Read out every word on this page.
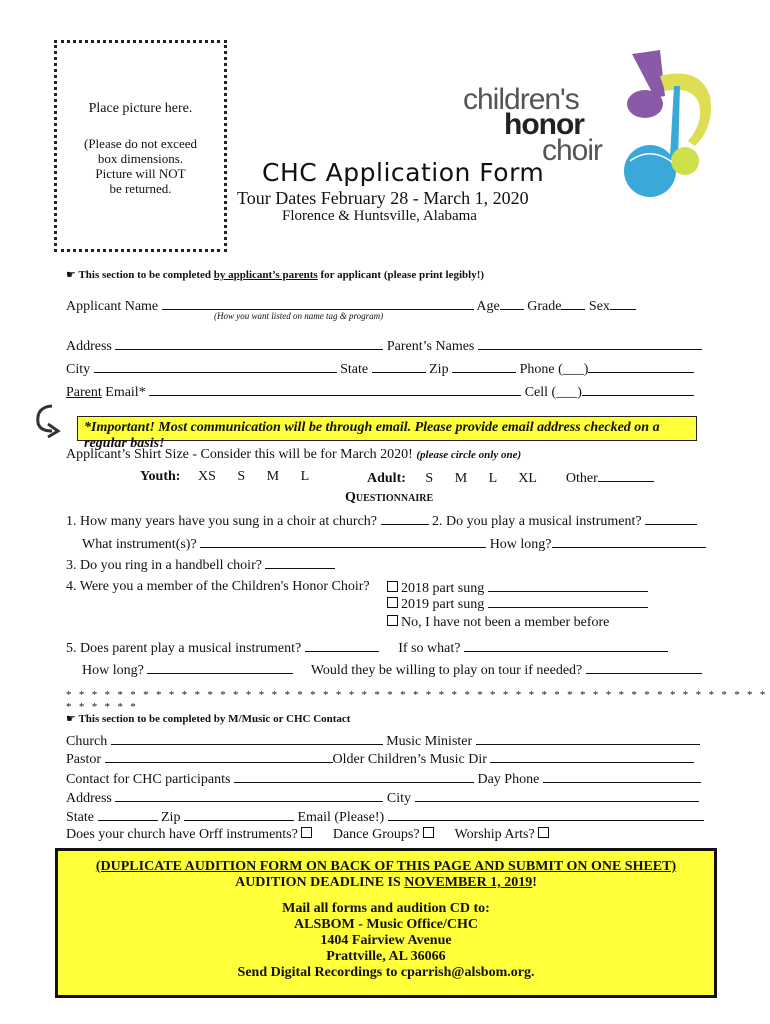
Place picture here.
(Please do not exceed
box dimensions.
Picture will NOT
be returned.
children's
honor
choir
CHC Application Form
Tour Dates February 28 - March 1, 2020
Florence & Huntsville, Alabama
☛ This section to be completed by applicant’s parents for applicant (please print legibly!)
Applicant Name	Age Grade Sex
(How you want listed on name tag & program)
Address	Parent’s Names
City	State	Zip	Phone (___)
Parent Email*	Cell (___)
*Important! Most communication will be through email. Please provide email address checked on a regular basis!
Applicant’s Shirt Size - Consider this will be for March 2020! (please circle only one)
Youth: XS S M L	Adult: S M L XL Other
QUESTIONNAIRE
1. How many years have you sung in a choir at church?	2. Do you play a musical instrument?
What instrument(s)?	How long?
3. Do you ring in a handbell choir?
4. Were you a member of the Children's Honor Choir?	2018 part sung
2019 part sung
No, I have not been a member before
5. Does parent play a musical instrument?	If so what?
How long?	Would they be willing to play on tour if needed?
* * * * * * * * * * * * * * * * * * * * * * * * * * * * * * * * * * * * * * * * * * * * * * * * * * * * * * * * * * * * *
☛ This section to be completed by M/Music or CHC Contact
Church	Music Minister
Pastor	Older Children’s Music Dir
Contact for CHC participants	Day Phone
Address	City
State	Zip	Email (Please!)
Does your church have Orff instruments?	Dance Groups?	Worship Arts?
(DUPLICATE AUDITION FORM ON BACK OF THIS PAGE AND SUBMIT ON ONE SHEET)
AUDITION DEADLINE IS NOVEMBER 1, 2019!
Mail all forms and audition CD to:
ALSBOM - Music Office/CHC
1404 Fairview Avenue
Prattville, AL 36066
Send Digital Recordings to cparrish@alsbom.org.
